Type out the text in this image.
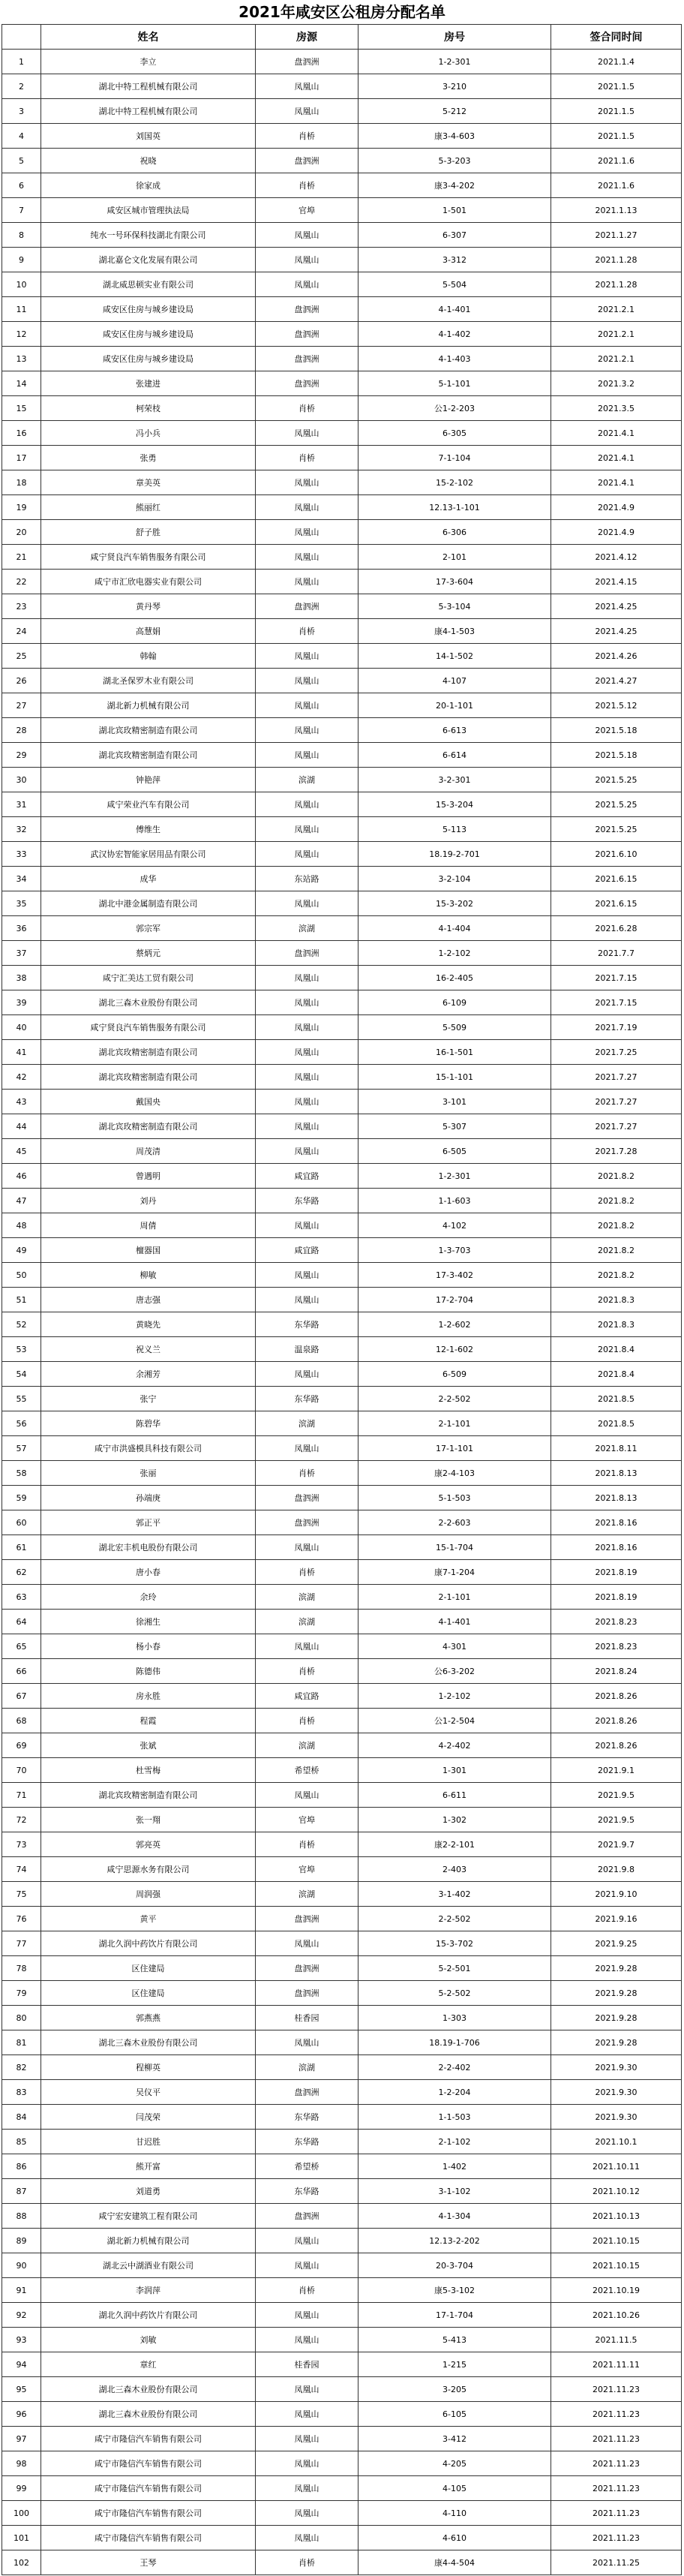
2021年咸安区公租房分配名单
	姓名	房源	房号	签合同时间
1	李立	盘泗洲	1-2-301	2021.1.4
2	湖北中特工程机械有限公司	凤凰山	3-210	2021.1.5
3	湖北中特工程机械有限公司	凤凰山	5-212	2021.1.5
4	刘国英	肖桥	康3-4-603	2021.1.5
5	祝晓	盘泗洲	5-3-203	2021.1.6
6	徐家成	肖桥	康3-4-202	2021.1.6
7	咸安区城市管理执法局	官埠	1-501	2021.1.13
8	纯水一号环保科技湖北有限公司	凤凰山	6-307	2021.1.27
9	湖北嘉仑文化发展有限公司	凤凰山	3-312	2021.1.28
10	湖北威思顿实业有限公司	凤凰山	5-504	2021.1.28
11	咸安区住房与城乡建设局	盘泗洲	4-1-401	2021.2.1
12	咸安区住房与城乡建设局	盘泗洲	4-1-402	2021.2.1
13	咸安区住房与城乡建设局	盘泗洲	4-1-403	2021.2.1
14	张建进	盘泗洲	5-1-101	2021.3.2
15	柯荣枝	肖桥	公1-2-203	2021.3.5
16	冯小兵	凤凰山	6-305	2021.4.1
17	张勇	肖桥	7-1-104	2021.4.1
18	章美英	凤凰山	15-2-102	2021.4.1
19	熊丽红	凤凰山	12.13-1-101	2021.4.9
20	舒子胜	凤凰山	6-306	2021.4.9
21	咸宁贤良汽车销售服务有限公司	凤凰山	2-101	2021.4.12
22	咸宁市汇欣电器实业有限公司	凤凰山	17-3-604	2021.4.15
23	黄丹琴	盘泗洲	5-3-104	2021.4.25
24	高慧娟	肖桥	康4-1-503	2021.4.25
25	韩翰	凤凰山	14-1-502	2021.4.26
26	湖北圣保罗木业有限公司	凤凰山	4-107	2021.4.27
27	湖北新力机械有限公司	凤凰山	20-1-101	2021.5.12
28	湖北宾玫精密制造有限公司	凤凰山	6-613	2021.5.18
29	湖北宾玫精密制造有限公司	凤凰山	6-614	2021.5.18
30	钟艳萍	滨湖	3-2-301	2021.5.25
31	咸宁荣业汽车有限公司	凤凰山	15-3-204	2021.5.25
32	傅维生	凤凰山	5-113	2021.5.25
33	武汉协宏智能家居用品有限公司	凤凰山	18.19-2-701	2021.6.10
34	成华	东站路	3-2-104	2021.6.15
35	湖北中港金属制造有限公司	凤凰山	15-3-202	2021.6.15
36	郭宗军	滨湖	4-1-404	2021.6.28
37	蔡炳元	盘泗洲	1-2-102	2021.7.7
38	咸宁汇美达工贸有限公司	凤凰山	16-2-405	2021.7.15
39	湖北三森木业股份有限公司	凤凰山	6-109	2021.7.15
40	咸宁贤良汽车销售服务有限公司	凤凰山	5-509	2021.7.19
41	湖北宾玫精密制造有限公司	凤凰山	16-1-501	2021.7.25
42	湖北宾玫精密制造有限公司	凤凰山	15-1-101	2021.7.27
43	戴国央	凤凰山	3-101	2021.7.27
44	湖北宾玫精密制造有限公司	凤凰山	5-307	2021.7.27
45	周茂清	凤凰山	6-505	2021.7.28
46	曾遇明	咸宜路	1-2-301	2021.8.2
47	刘丹	东华路	1-1-603	2021.8.2
48	周倩	凤凰山	4-102	2021.8.2
49	檀器国	咸宜路	1-3-703	2021.8.2
50	柳敏	凤凰山	17-3-402	2021.8.2
51	唐志强	凤凰山	17-2-704	2021.8.3
52	黄晓先	东华路	1-2-602	2021.8.3
53	祝义兰	温泉路	12-1-602	2021.8.4
54	余湘芳	凤凰山	6-509	2021.8.4
55	张宁	东华路	2-2-502	2021.8.5
56	陈碧华	滨湖	2-1-101	2021.8.5
57	咸宁市洪盛模具科技有限公司	凤凰山	17-1-101	2021.8.11
58	张丽	肖桥	康2-4-103	2021.8.13
59	孙端庚	盘泗洲	5-1-503	2021.8.13
60	郭正平	盘泗洲	2-2-603	2021.8.16
61	湖北宏丰机电股份有限公司	凤凰山	15-1-704	2021.8.16
62	唐小春	肖桥	康7-1-204	2021.8.19
63	余玲	滨湖	2-1-101	2021.8.19
64	徐湘生	滨湖	4-1-401	2021.8.23
65	杨小春	凤凰山	4-301	2021.8.23
66	陈德伟	肖桥	公6-3-202	2021.8.24
67	房永胜	咸宜路	1-2-102	2021.8.26
68	程霞	肖桥	公1-2-504	2021.8.26
69	张斌	滨湖	4-2-402	2021.8.26
70	杜雪梅	希望桥	1-301	2021.9.1
71	湖北宾玫精密制造有限公司	凤凰山	6-611	2021.9.5
72	张一翔	官埠	1-302	2021.9.5
73	郭亮英	肖桥	康2-2-101	2021.9.7
74	咸宁思源水务有限公司	官埠	2-403	2021.9.8
75	周润强	滨湖	3-1-402	2021.9.10
76	黄平	盘泗洲	2-2-502	2021.9.16
77	湖北久润中药饮片有限公司	凤凰山	15-3-702	2021.9.25
78	区住建局	盘泗洲	5-2-501	2021.9.28
79	区住建局	盘泗洲	5-2-502	2021.9.28
80	郭燕燕	桂香园	1-303	2021.9.28
81	湖北三森木业股份有限公司	凤凰山	18.19-1-706	2021.9.28
82	程柳英	滨湖	2-2-402	2021.9.30
83	吴仪平	盘泗洲	1-2-204	2021.9.30
84	闫茂荣	东华路	1-1-503	2021.9.30
85	甘迟胜	东华路	2-1-102	2021.10.1
86	熊开富	希望桥	1-402	2021.10.11
87	刘道勇	东华路	3-1-102	2021.10.12
88	咸宁宏安建筑工程有限公司	盘泗洲	4-1-304	2021.10.13
89	湖北新力机械有限公司	凤凰山	12.13-2-202	2021.10.15
90	湖北云中湖酒业有限公司	凤凰山	20-3-704	2021.10.15
91	李润萍	肖桥	康5-3-102	2021.10.19
92	湖北久润中药饮片有限公司	凤凰山	17-1-704	2021.10.26
93	刘敏	凤凰山	5-413	2021.11.5
94	章红	桂香园	1-215	2021.11.11
95	湖北三森木业股份有限公司	凤凰山	3-205	2021.11.23
96	湖北三森木业股份有限公司	凤凰山	6-105	2021.11.23
97	咸宁市隆信汽车销售有限公司	凤凰山	3-412	2021.11.23
98	咸宁市隆信汽车销售有限公司	凤凰山	4-205	2021.11.23
99	咸宁市隆信汽车销售有限公司	凤凰山	4-105	2021.11.23
100	咸宁市隆信汽车销售有限公司	凤凰山	4-110	2021.11.23
101	咸宁市隆信汽车销售有限公司	凤凰山	4-610	2021.11.23
102	王琴	肖桥	康4-4-504	2021.11.25
